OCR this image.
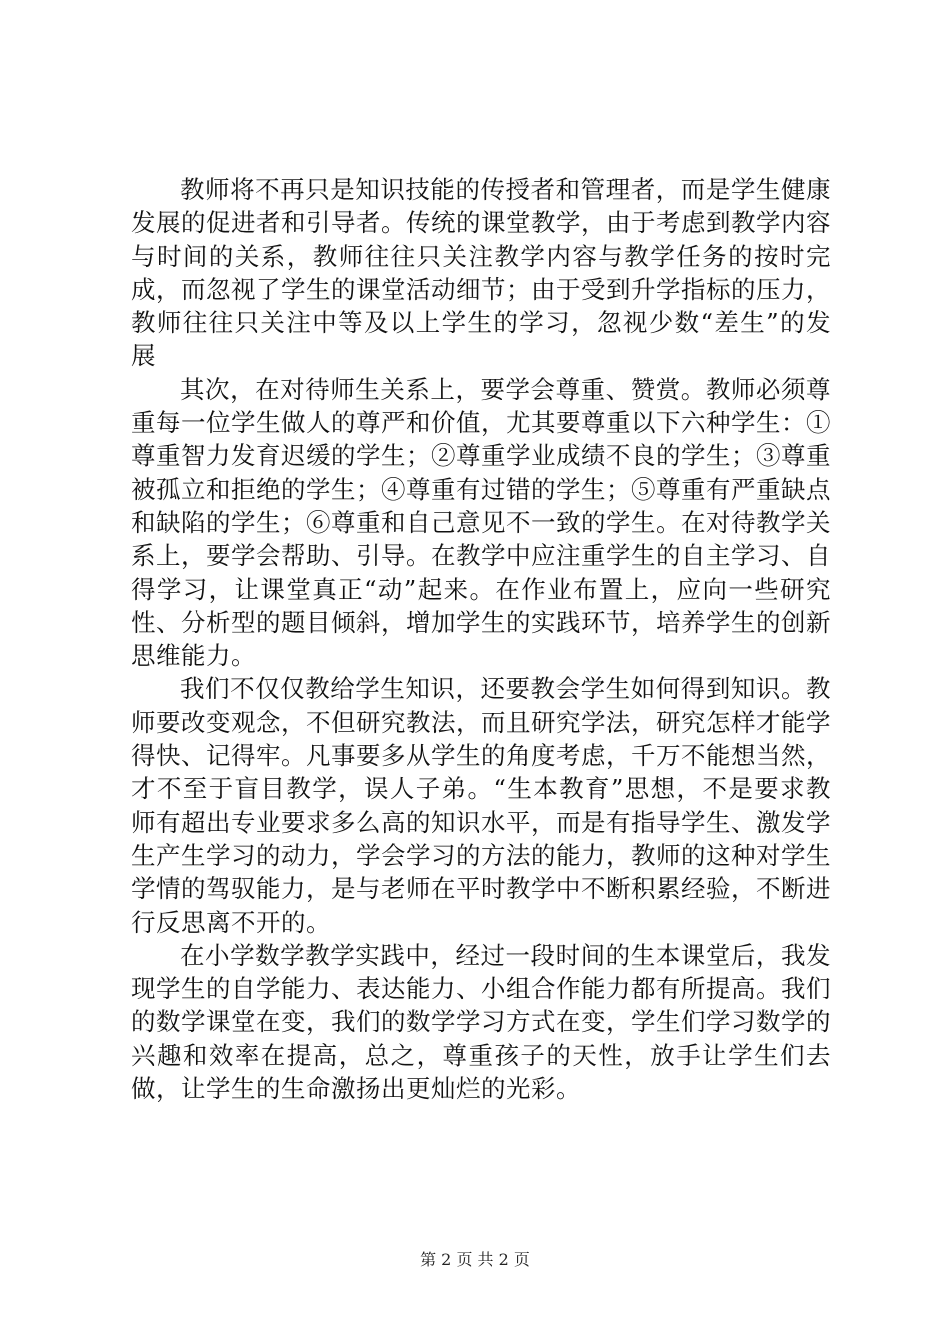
教师将不再只是知识技能的传授者和管理者，而是学生健康发展的促进者和引导者。传统的课堂教学，由于考虑到教学内容与时间的关系，教师往往只关注教学内容与教学任务的按时完成，而忽视了学生的课堂活动细节；由于受到升学指标的压力，教师往往只关注中等及以上学生的学习，忽视少数“差生”的发展

其次，在对待师生关系上，要学会尊重、赞赏。教师必须尊重每一位学生做人的尊严和价值，尤其要尊重以下六种学生：①尊重智力发育迟缓的学生；②尊重学业成绩不良的学生；③尊重被孤立和拒绝的学生；④尊重有过错的学生；⑤尊重有严重缺点和缺陷的学生；⑥尊重和自己意见不一致的学生。在对待教学关系上，要学会帮助、引导。在教学中应注重学生的自主学习、自得学习，让课堂真正“动”起来。在作业布置上，应向一些研究性、分析型的题目倾斜，增加学生的实践环节，培养学生的创新思维能力。

我们不仅仅教给学生知识，还要教会学生如何得到知识。教师要改变观念，不但研究教法，而且研究学法，研究怎样才能学得快、记得牢。凡事要多从学生的角度考虑，千万不能想当然，才不至于盲目教学，误人子弟。“生本教育”思想，不是要求教师有超出专业要求多么高的知识水平，而是有指导学生、激发学生产生学习的动力，学会学习的方法的能力，教师的这种对学生学情的驾驭能力，是与老师在平时教学中不断积累经验，不断进行反思离不开的。

在小学数学教学实践中，经过一段时间的生本课堂后，我发现学生的自学能力、表达能力、小组合作能力都有所提高。我们的数学课堂在变，我们的数学学习方式在变，学生们学习数学的兴趣和效率在提高，总之，尊重孩子的天性，放手让学生们去做，让学生的生命激扬出更灿烂的光彩。

第 2 页 共 2 页
